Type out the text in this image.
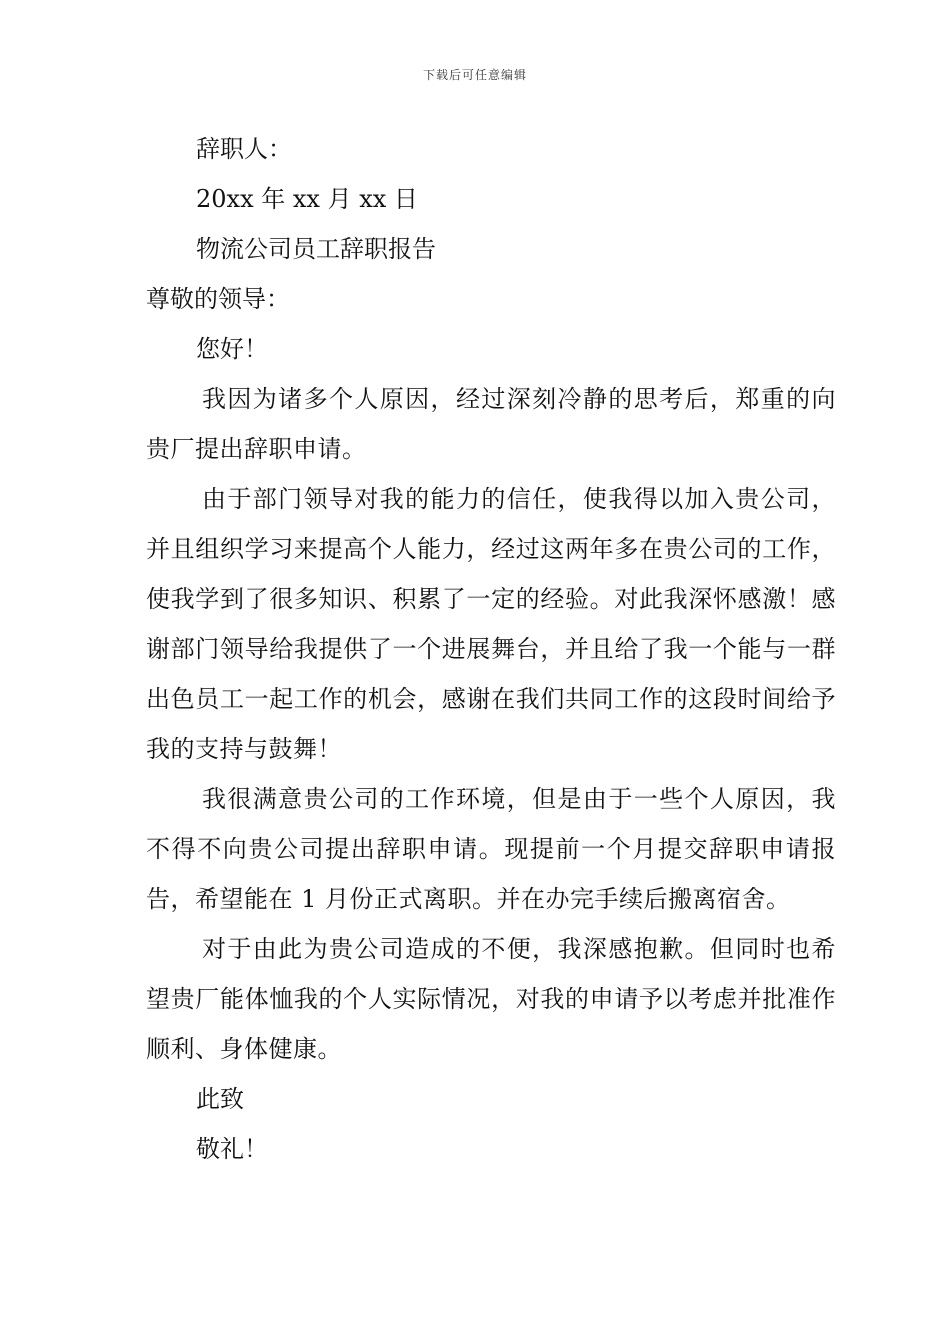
下载后可任意编辑
辞职人：
20xx 年 xx 月 xx 日
物流公司员工辞职报告
尊敬的领导：
您好！

我因为诸多个人原因，经过深刻冷静的思考后，郑重的向贵厂提出辞职申请。

由于部门领导对我的能力的信任，使我得以加入贵公司，并且组织学习来提高个人能力，经过这两年多在贵公司的工作，使我学到了很多知识、积累了一定的经验。对此我深怀感激！感谢部门领导给我提供了一个进展舞台，并且给了我一个能与一群出色员工一起工作的机会，感谢在我们共同工作的这段时间给予我的支持与鼓舞！

我很满意贵公司的工作环境，但是由于一些个人原因，我不得不向贵公司提出辞职申请。现提前一个月提交辞职申请报告，希望能在 1 月份正式离职。并在办完手续后搬离宿舍。

对于由此为贵公司造成的不便，我深感抱歉。但同时也希望贵厂能体恤我的个人实际情况，对我的申请予以考虑并批准作顺利、身体健康。

此致
敬礼！
